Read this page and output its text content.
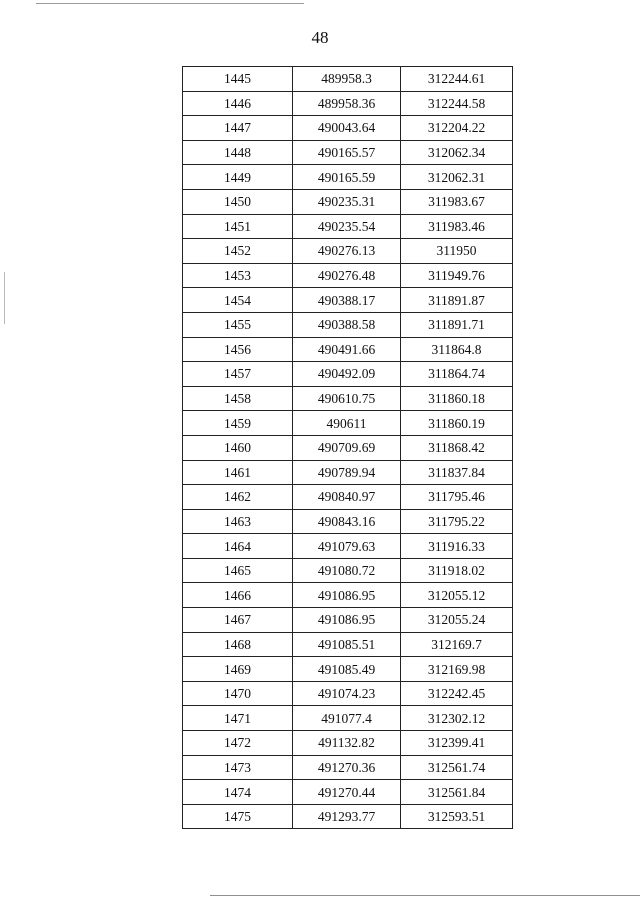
48
1445	489958.3	312244.61
1446	489958.36	312244.58
1447	490043.64	312204.22
1448	490165.57	312062.34
1449	490165.59	312062.31
1450	490235.31	311983.67
1451	490235.54	311983.46
1452	490276.13	311950
1453	490276.48	311949.76
1454	490388.17	311891.87
1455	490388.58	311891.71
1456	490491.66	311864.8
1457	490492.09	311864.74
1458	490610.75	311860.18
1459	490611	311860.19
1460	490709.69	311868.42
1461	490789.94	311837.84
1462	490840.97	311795.46
1463	490843.16	311795.22
1464	491079.63	311916.33
1465	491080.72	311918.02
1466	491086.95	312055.12
1467	491086.95	312055.24
1468	491085.51	312169.7
1469	491085.49	312169.98
1470	491074.23	312242.45
1471	491077.4	312302.12
1472	491132.82	312399.41
1473	491270.36	312561.74
1474	491270.44	312561.84
1475	491293.77	312593.51
